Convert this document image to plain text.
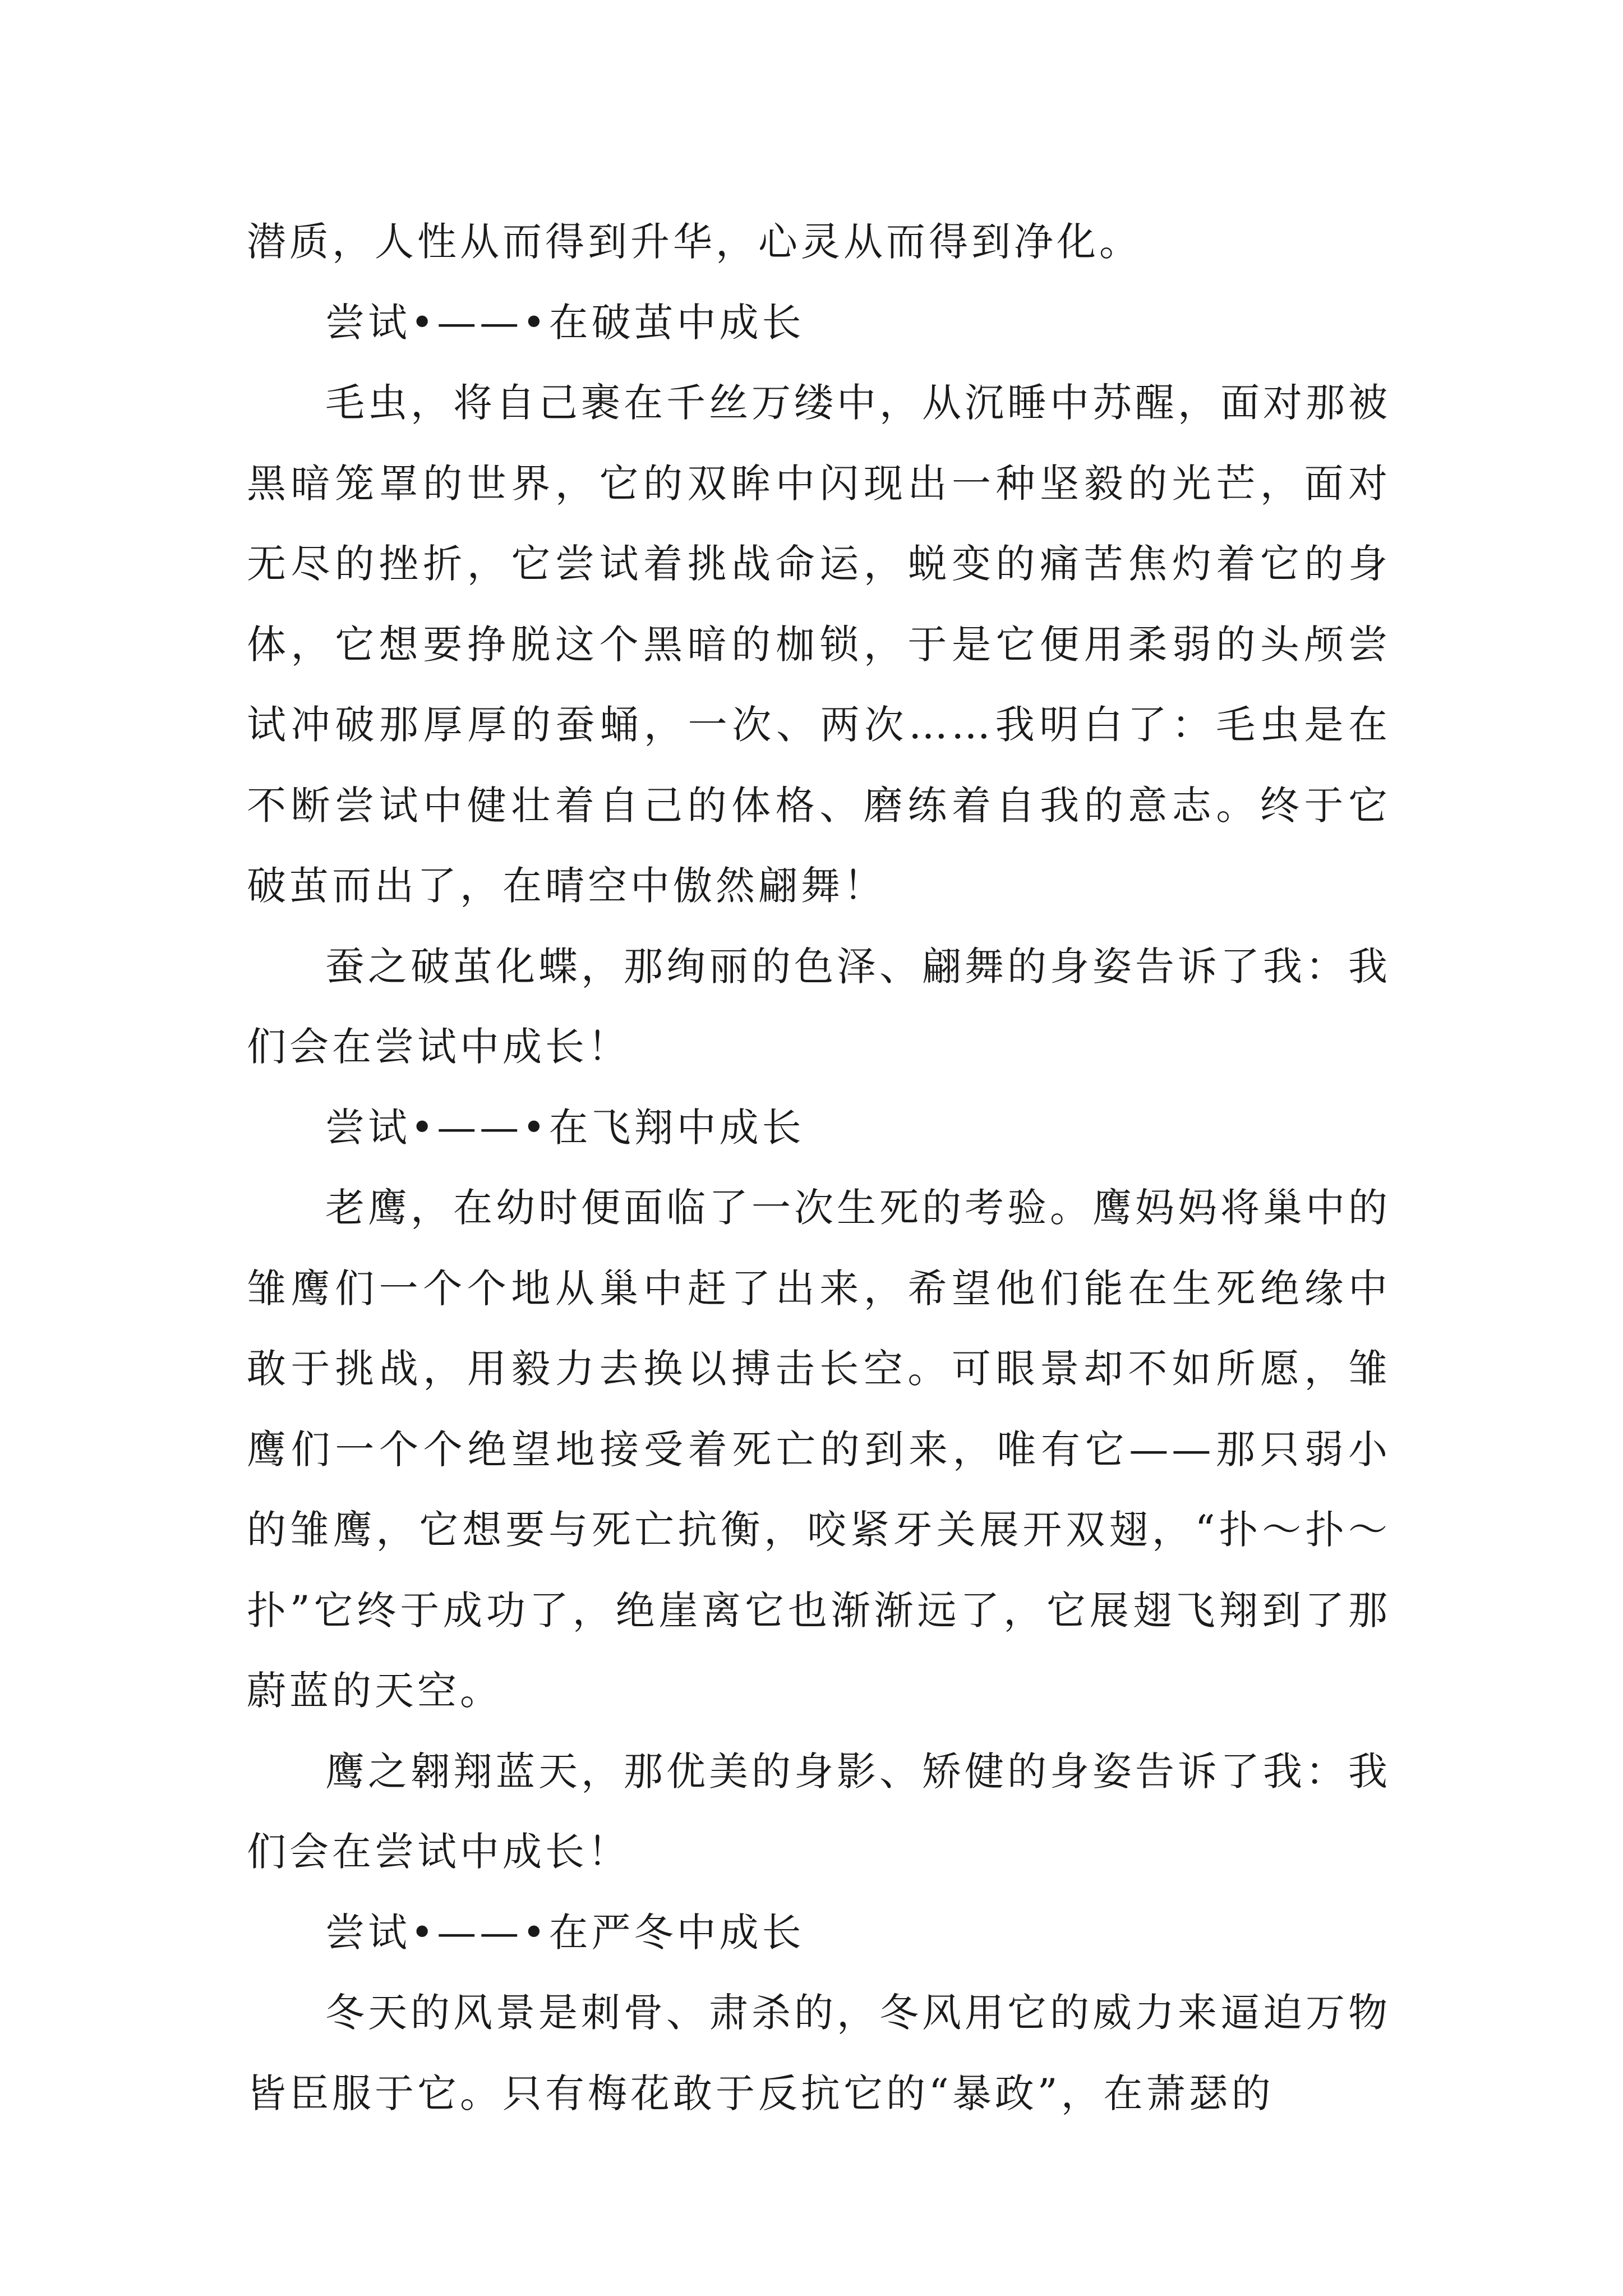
潜质，人性从而得到升华，心灵从而得到净化。

尝试•——•在破茧中成长

毛虫，将自己裹在千丝万缕中，从沉睡中苏醒，面对那被黑暗笼罩的世界，它的双眸中闪现出一种坚毅的光芒，面对无尽的挫折，它尝试着挑战命运，蜕变的痛苦焦灼着它的身体，它想要挣脱这个黑暗的枷锁，于是它便用柔弱的头颅尝试冲破那厚厚的蚕蛹，一次、两次……我明白了：毛虫是在不断尝试中健壮着自己的体格、磨练着自我的意志。终于它破茧而出了，在晴空中傲然翩舞！

蚕之破茧化蝶，那绚丽的色泽、翩舞的身姿告诉了我：我们会在尝试中成长！

尝试•——•在飞翔中成长

老鹰，在幼时便面临了一次生死的考验。鹰妈妈将巢中的雏鹰们一个个地从巢中赶了出来，希望他们能在生死绝缘中敢于挑战，用毅力去换以搏击长空。可眼景却不如所愿，雏鹰们一个个绝望地接受着死亡的到来，唯有它——那只弱小的雏鹰，它想要与死亡抗衡，咬紧牙关展开双翅，“扑～扑～扑”它终于成功了，绝崖离它也渐渐远了，它展翅飞翔到了那蔚蓝的天空。

鹰之翱翔蓝天，那优美的身影、矫健的身姿告诉了我：我们会在尝试中成长！

尝试•——•在严冬中成长

冬天的风景是刺骨、肃杀的，冬风用它的威力来逼迫万物皆臣服于它。只有梅花敢于反抗它的“暴政”，在萧瑟的
